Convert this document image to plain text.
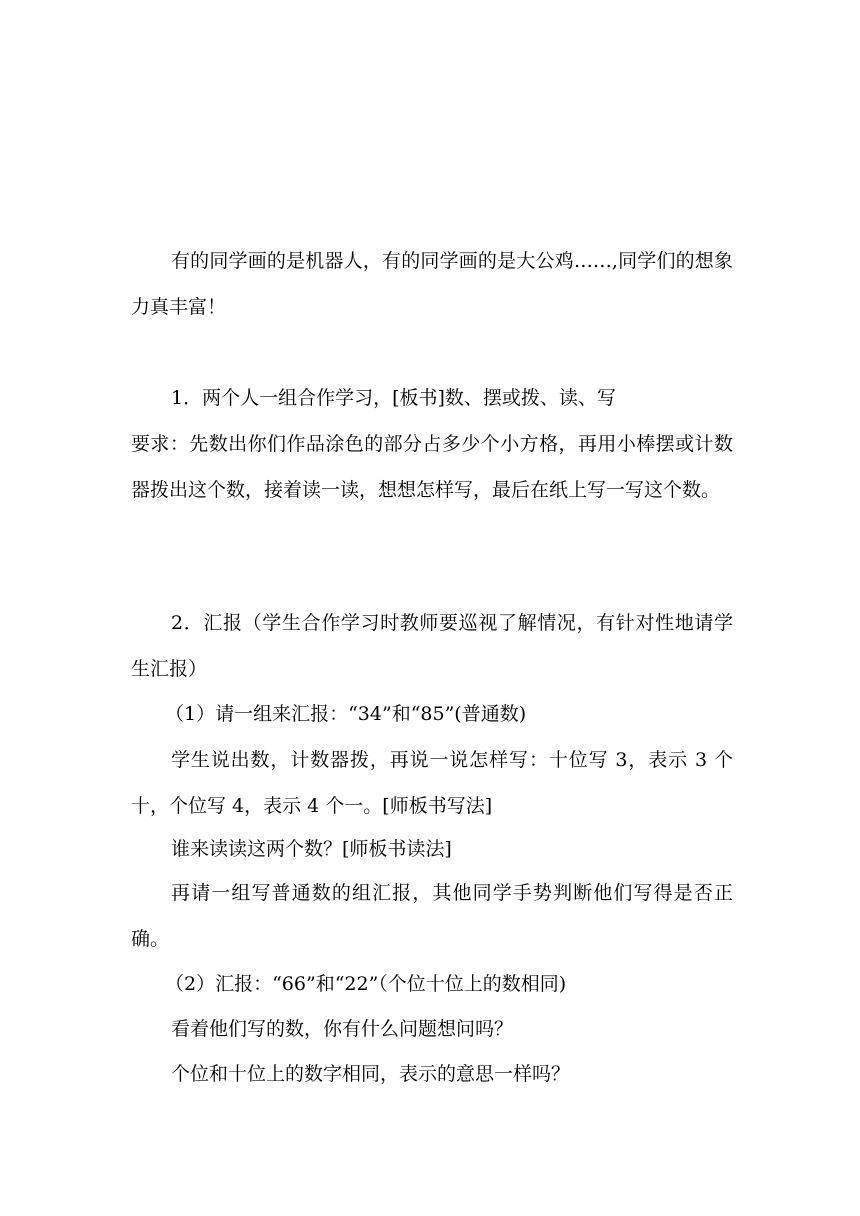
有的同学画的是机器人，有的同学画的是大公鸡……,同学们的想象力真丰富！

1．两个人一组合作学习，[板书]数、摆或拨、读、写

要求：先数出你们作品涂色的部分占多少个小方格，再用小棒摆或计数器拨出这个数，接着读一读，想想怎样写，最后在纸上写一写这个数。

2．汇报（学生合作学习时教师要巡视了解情况，有针对性地请学生汇报）

（1）请一组来汇报：“34”和“85”(普通数)

学生说出数，计数器拨，再说一说怎样写：十位写 3，表示 3 个十，个位写 4，表示 4 个一。[师板书写法]

谁来读读这两个数？[师板书读法]

再请一组写普通数的组汇报，其他同学手势判断他们写得是否正确。

（2）汇报：“66”和“22”（个位十位上的数相同)

看着他们写的数，你有什么问题想问吗？

个位和十位上的数字相同，表示的意思一样吗？
